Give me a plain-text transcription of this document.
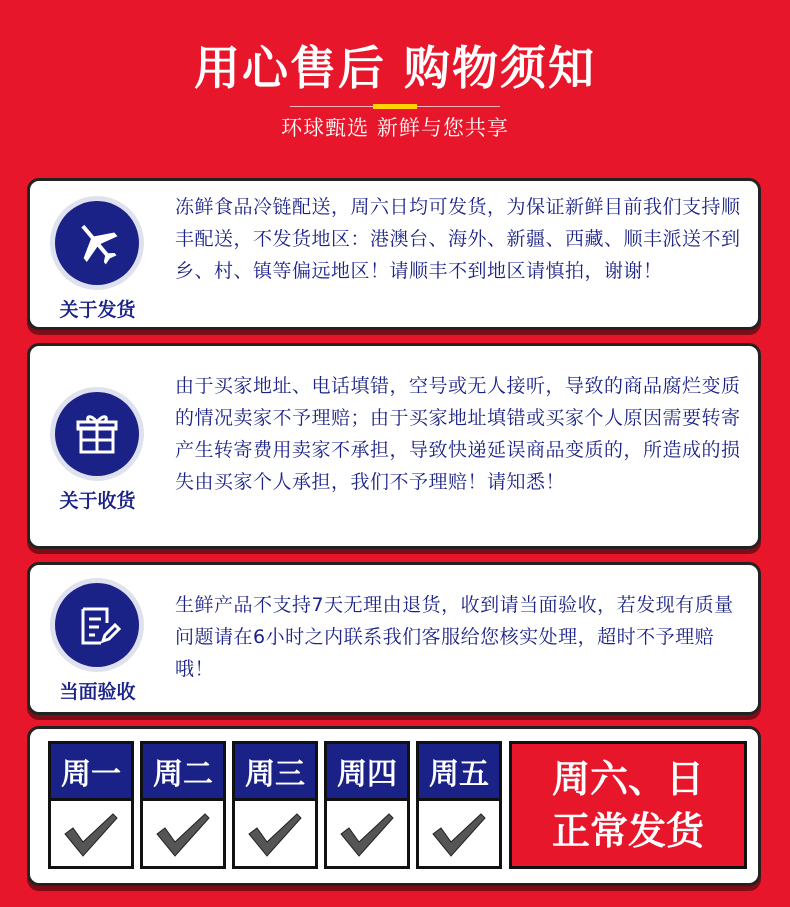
用心售后 购物须知
环球甄选 新鲜与您共享
关于发货
冻鲜食品冷链配送，周六日均可发货，为保证新鲜目前我们支持顺丰配送，不发货地区：港澳台、海外、新疆、西藏、顺丰派送不到乡、村、镇等偏远地区！请顺丰不到地区请慎拍，谢谢！
关于收货
由于买家地址、电话填错，空号或无人接听，导致的商品腐烂变质的情况卖家不予理赔；由于买家地址填错或买家个人原因需要转寄产生转寄费用卖家不承担，导致快递延误商品变质的，所造成的损失由买家个人承担，我们不予理赔！请知悉！
当面验收
生鲜产品不支持7天无理由退货，收到请当面验收，若发现有质量问题请在6小时之内联系我们客服给您核实处理，超时不予理赔哦！
周一	周二	周三	周四	周五 周六、日
正常发货
